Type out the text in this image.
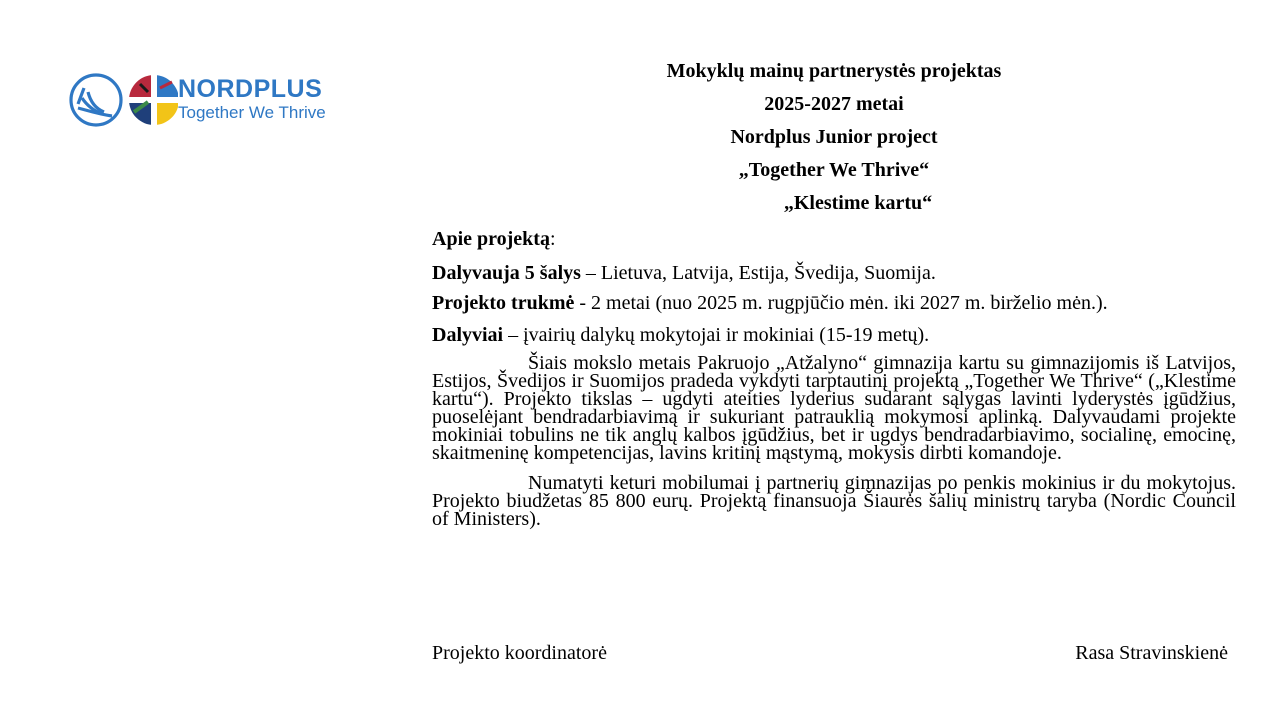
NORDPLUS
Together We Thrive
Mokyklų mainų partnerystės projektas
2025-2027 metai
Nordplus Junior project
„Together We Thrive“
„Klestime kartu“

Apie projektą:

Dalyvauja 5 šalys – Lietuva, Latvija, Estija, Švedija, Suomija.

Projekto trukmė - 2 metai (nuo 2025 m. rugpjūčio mėn. iki 2027 m. birželio mėn.).

Dalyviai – įvairių dalykų mokytojai ir mokiniai (15-19 metų).

Šiais mokslo metais Pakruojo „Atžalyno“ gimnazija kartu su gimnazijomis iš Latvijos, Estijos, Švedijos ir Suomijos pradeda vykdyti tarptautinį projektą „Together We Thrive“ („Klestime kartu“). Projekto tikslas – ugdyti ateities lyderius sudarant sąlygas lavinti lyderystės įgūdžius, puoselėjant bendradarbiavimą ir sukuriant patrauklią mokymosi aplinką. Dalyvaudami projekte mokiniai tobulins ne tik anglų kalbos įgūdžius, bet ir ugdys bendradarbiavimo, socialinę, emocinę, skaitmeninę kompetencijas, lavins kritinį mąstymą, mokysis dirbti komandoje.

Numatyti keturi mobilumai į partnerių gimnazijas po penkis mokinius ir du mokytojus. Projekto biudžetas 85 800 eurų. Projektą finansuoja Šiaurės šalių ministrų taryba (Nordic Council of Ministers).

Projekto koordinatorė	Rasa Stravinskienė
